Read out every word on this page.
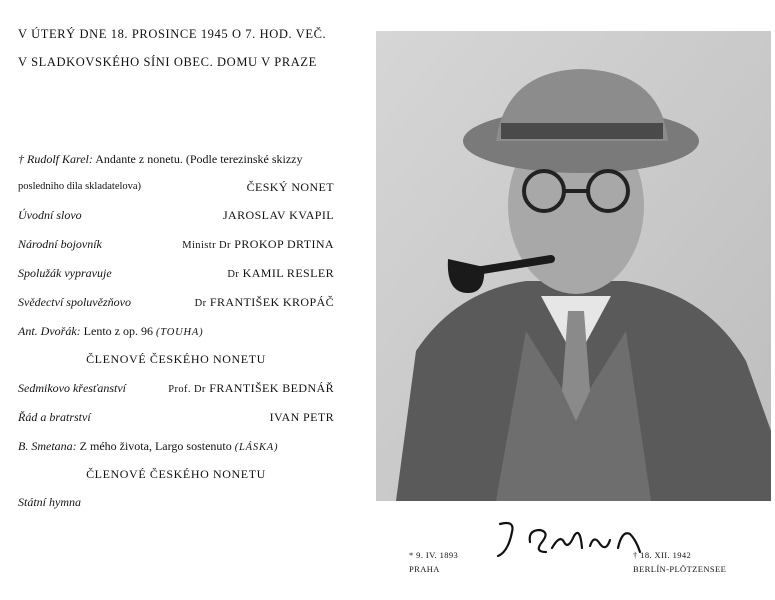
V ÚTERÝ DNE 18. PROSINCE 1945 O 7. HOD. VEČ.
V SLADKOVSKÉHO SÍNI OBEC. DOMU V PRAZE
† Rudolf Karel: Andante z nonetu. (Podle terezinské skizzy
posledniho dila skladatelova)	ČESKÝ NONET
Úvodní slovo	JAROSLAV KVAPIL
Národní bojovník	Ministr Dr PROKOP DRTINA
Spolužák vypravuje	Dr KAMIL RESLER
Svědectví spoluvězňovo	Dr FRANTIŠEK KROPÁČ
Ant. Dvořák: Lento z op. 96 (TOUHA)
ČLENOVÉ ČESKÉHO NONETU
Sedmikovo křesťanství	Prof. Dr FRANTIŠEK BEDNÁŘ
Řád a bratrství	IVAN PETR
B. Smetana: Z mého života, Largo sostenuto (LÁSKA)
ČLENOVÉ ČESKÉHO NONETU
Státní hymna
* 9. IV. 1893
PRAHA
† 18. XII. 1942
BERLÍN-PLÖTZENSEE
